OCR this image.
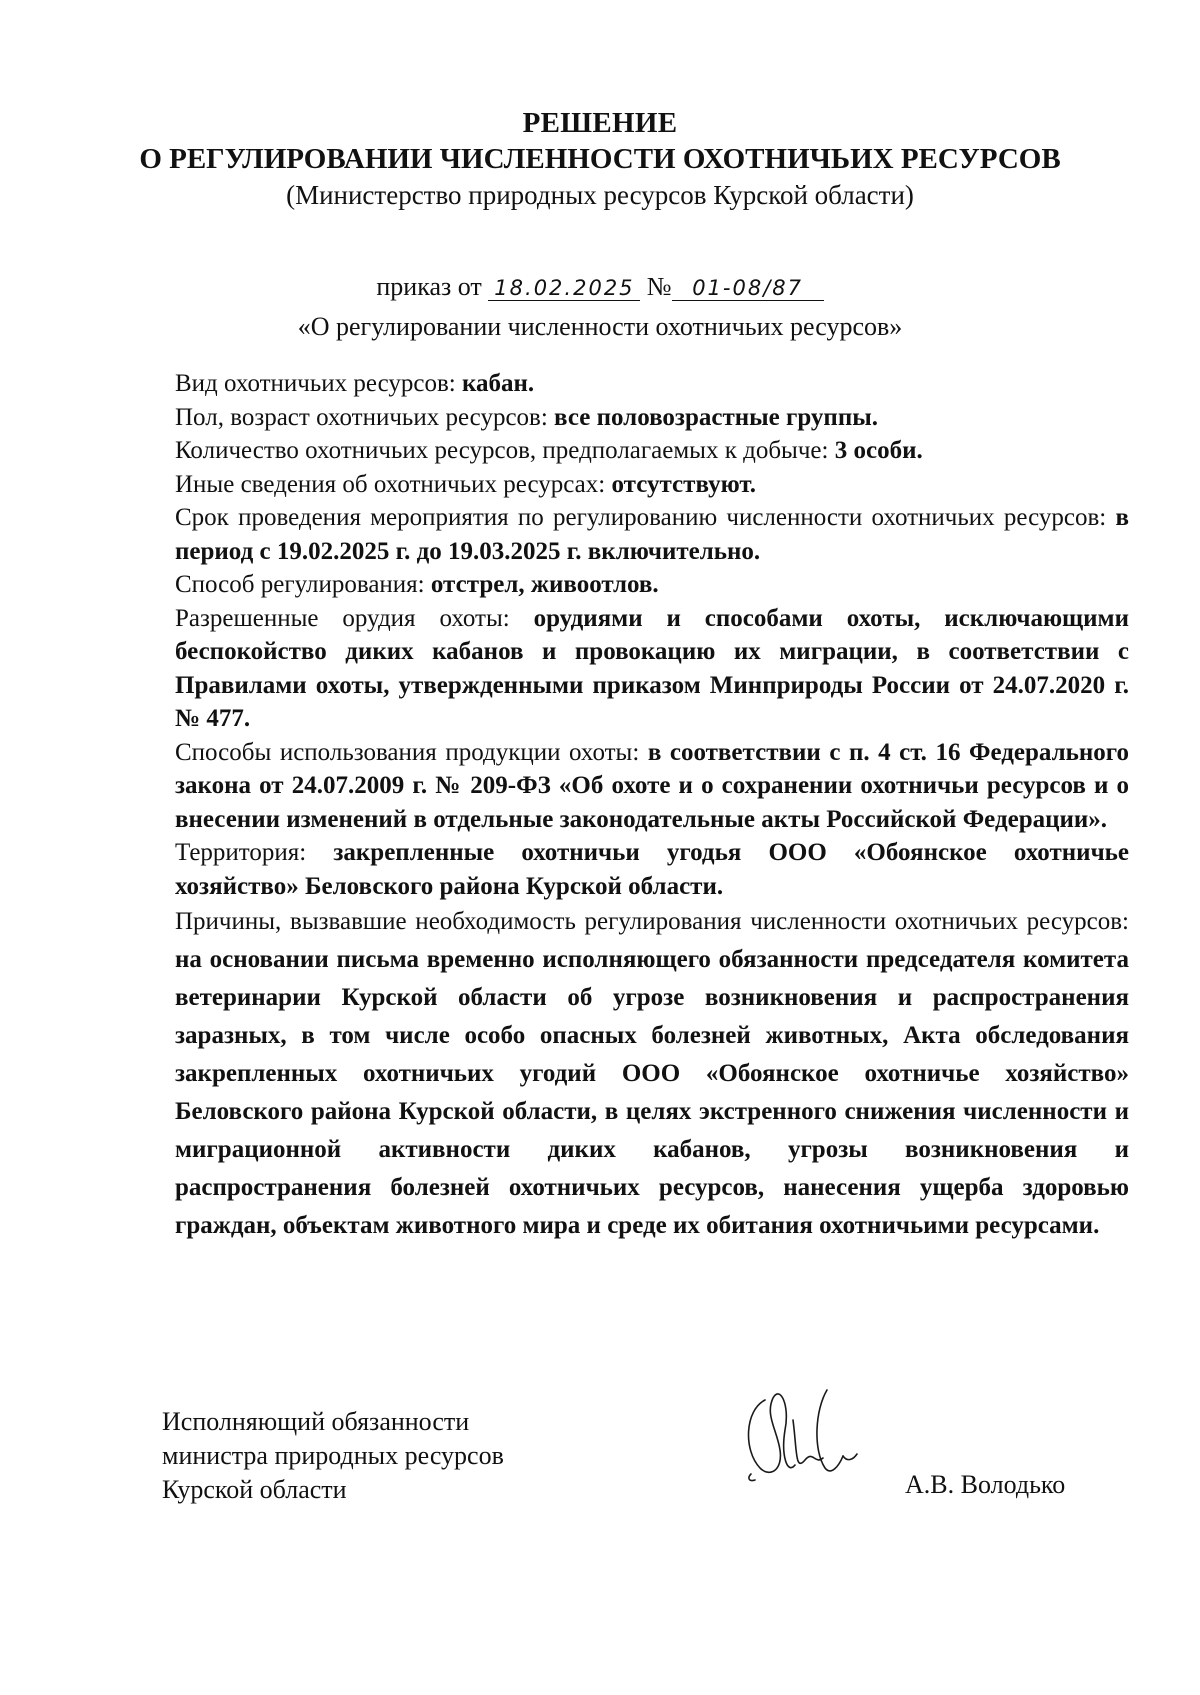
РЕШЕНИЕ
О РЕГУЛИРОВАНИИ ЧИСЛЕННОСТИ ОХОТНИЧЬИХ РЕСУРСОВ
(Министерство природных ресурсов Курской области)
приказ от 18.02.2025 № 01-08/87
«О регулировании численности охотничьих ресурсов»

Вид охотничьих ресурсов: кабан.

Пол, возраст охотничьих ресурсов: все половозрастные группы.

Количество охотничьих ресурсов, предполагаемых к добыче: 3 особи.

Иные сведения об охотничьих ресурсах: отсутствуют.

Срок проведения мероприятия по регулированию численности охотничьих ресурсов: в период с 19.02.2025 г. до 19.03.2025 г. включительно.

Способ регулирования: отстрел, живоотлов.

Разрешенные орудия охоты: орудиями и способами охоты, исключающими беспокойство диких кабанов и провокацию их миграции, в соответствии с Правилами охоты, утвержденными приказом Минприроды России от 24.07.2020 г. № 477.

Способы использования продукции охоты: в соответствии с п. 4 ст. 16 Федерального закона от 24.07.2009 г. № 209-ФЗ «Об охоте и о сохранении охотничьи ресурсов и о внесении изменений в отдельные законодательные акты Российской Федерации».

Территория: закрепленные охотничьи угодья ООО «Обоянское охотничье хозяйство» Беловского района Курской области.

Причины, вызвавшие необходимость регулирования численности охотничьих ресурсов: на основании письма временно исполняющего обязанности председателя комитета ветеринарии Курской области об угрозе возникновения и распространения заразных, в том числе особо опасных болезней животных, Акта обследования закрепленных охотничьих угодий ООО «Обоянское охотничье хозяйство» Беловского района Курской области, в целях экстренного снижения численности и миграционной активности диких кабанов, угрозы возникновения и распространения болезней охотничьих ресурсов, нанесения ущерба здоровью граждан, объектам животного мира и среде их обитания охотничьими ресурсами.

Исполняющий обязанности
министра природных ресурсов
Курской области	А.В. Володько
